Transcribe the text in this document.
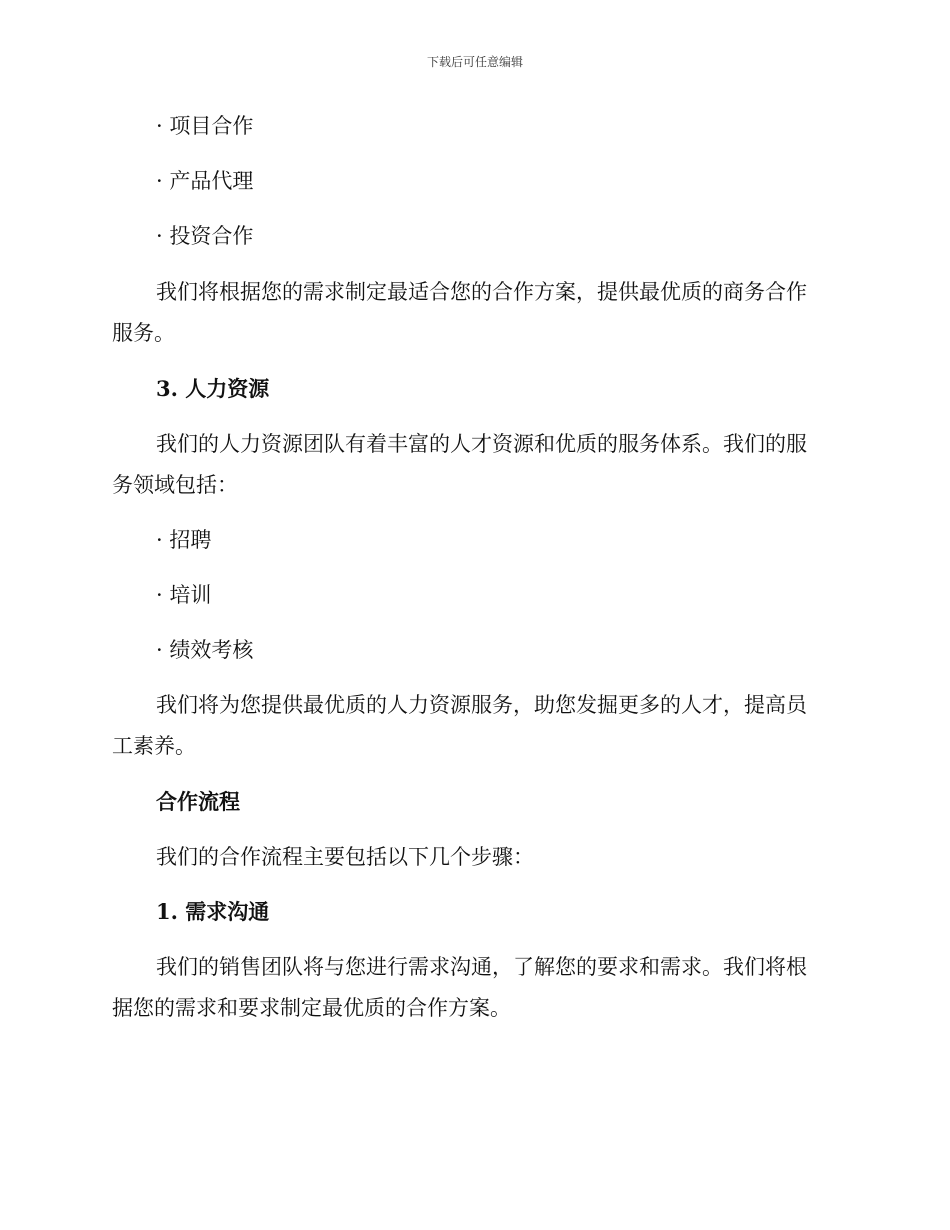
下载后可任意编辑
· 项目合作
· 产品代理
· 投资合作
我们将根据您的需求制定最适合您的合作方案，提供最优质的商务合作
服务。
3. 人力资源
我们的人力资源团队有着丰富的人才资源和优质的服务体系。我们的服
务领域包括：
· 招聘
· 培训
· 绩效考核
我们将为您提供最优质的人力资源服务，助您发掘更多的人才，提高员
工素养。
合作流程
我们的合作流程主要包括以下几个步骤：
1. 需求沟通
我们的销售团队将与您进行需求沟通，了解您的要求和需求。我们将根
据您的需求和要求制定最优质的合作方案。
